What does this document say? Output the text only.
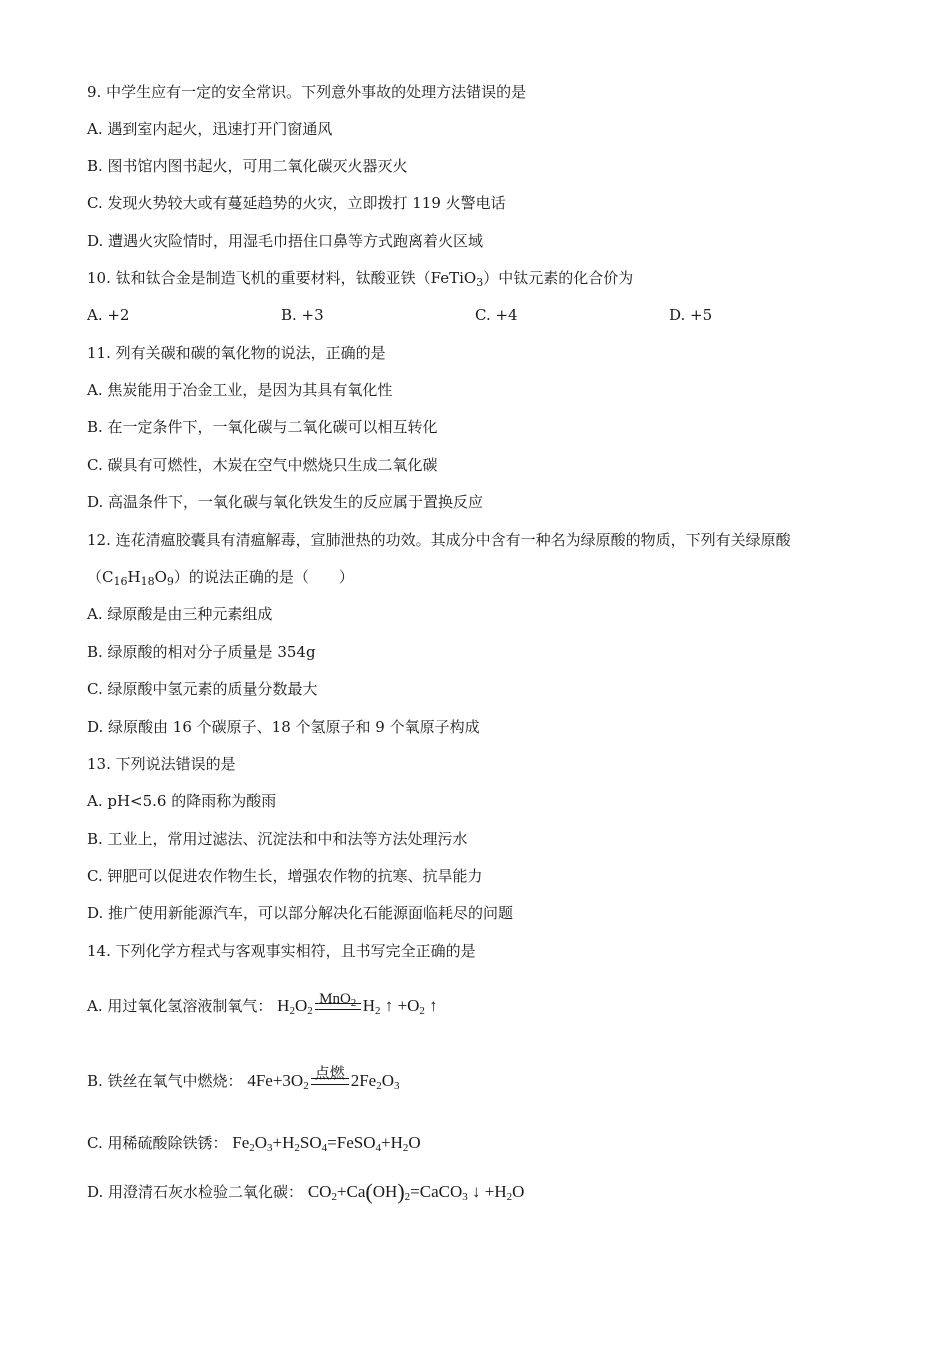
9. 中学生应有一定的安全常识。下列意外事故的处理方法错误的是
A. 遇到室内起火，迅速打开门窗通风
B. 图书馆内图书起火，可用二氧化碳灭火器灭火
C. 发现火势较大或有蔓延趋势的火灾，立即拨打 119 火警电话
D. 遭遇火灾险情时，用湿毛巾捂住口鼻等方式跑离着火区域
10. 钛和钛合金是制造飞机的重要材料，钛酸亚铁（FeTiO$_3$）中钛元素的化合价为
A. +2	B. +3	C. +4	D. +5
11. 列有关碳和碳的氧化物的说法，正确的是
A. 焦炭能用于冶金工业，是因为其具有氧化性
B. 在一定条件下，一氧化碳与二氧化碳可以相互转化
C. 碳具有可燃性，木炭在空气中燃烧只生成二氧化碳
D. 高温条件下，一氧化碳与氧化铁发生的反应属于置换反应
12. 连花清瘟胶囊具有清瘟解毒，宣肺泄热的功效。其成分中含有一种名为绿原酸的物质，下列有关绿原酸
$(C_{16}H_{18}O_9)$的说法正确的是（　　）
A. 绿原酸是由三种元素组成
B. 绿原酸的相对分子质量是 354g
C. 绿原酸中氢元素的质量分数最大
D. 绿原酸由 16 个碳原子、18 个氢原子和 9 个氧原子构成
13. 下列说法错误的是
A. pH<5.6 的降雨称为酸雨
B. 工业上，常用过滤法、沉淀法和中和法等方法处理污水
C. 钾肥可以促进农作物生长，增强农作物的抗寒、抗旱能力
D. 推广使用新能源汽车，可以部分解决化石能源面临耗尽的问题
14. 下列化学方程式与客观事实相符，且书写完全正确的是
A. 用过氧化氢溶液制氧气： $H_2O_2$
MnO$_2$ $H_2$ ↑ $+O_2$ ↑
B. 铁丝在氧气中燃烧： $4Fe+3O_2$
点燃 $2Fe_2O_3$
C. 用稀硫酸除铁锈： $Fe_2O_3+H_2SO_4=FeSO_4+H_2O$
D. 用澄清石灰水检验二氧化碳： $CO_2+Ca(OH)_2=CaCO_3$ ↓ $+H_2O$
